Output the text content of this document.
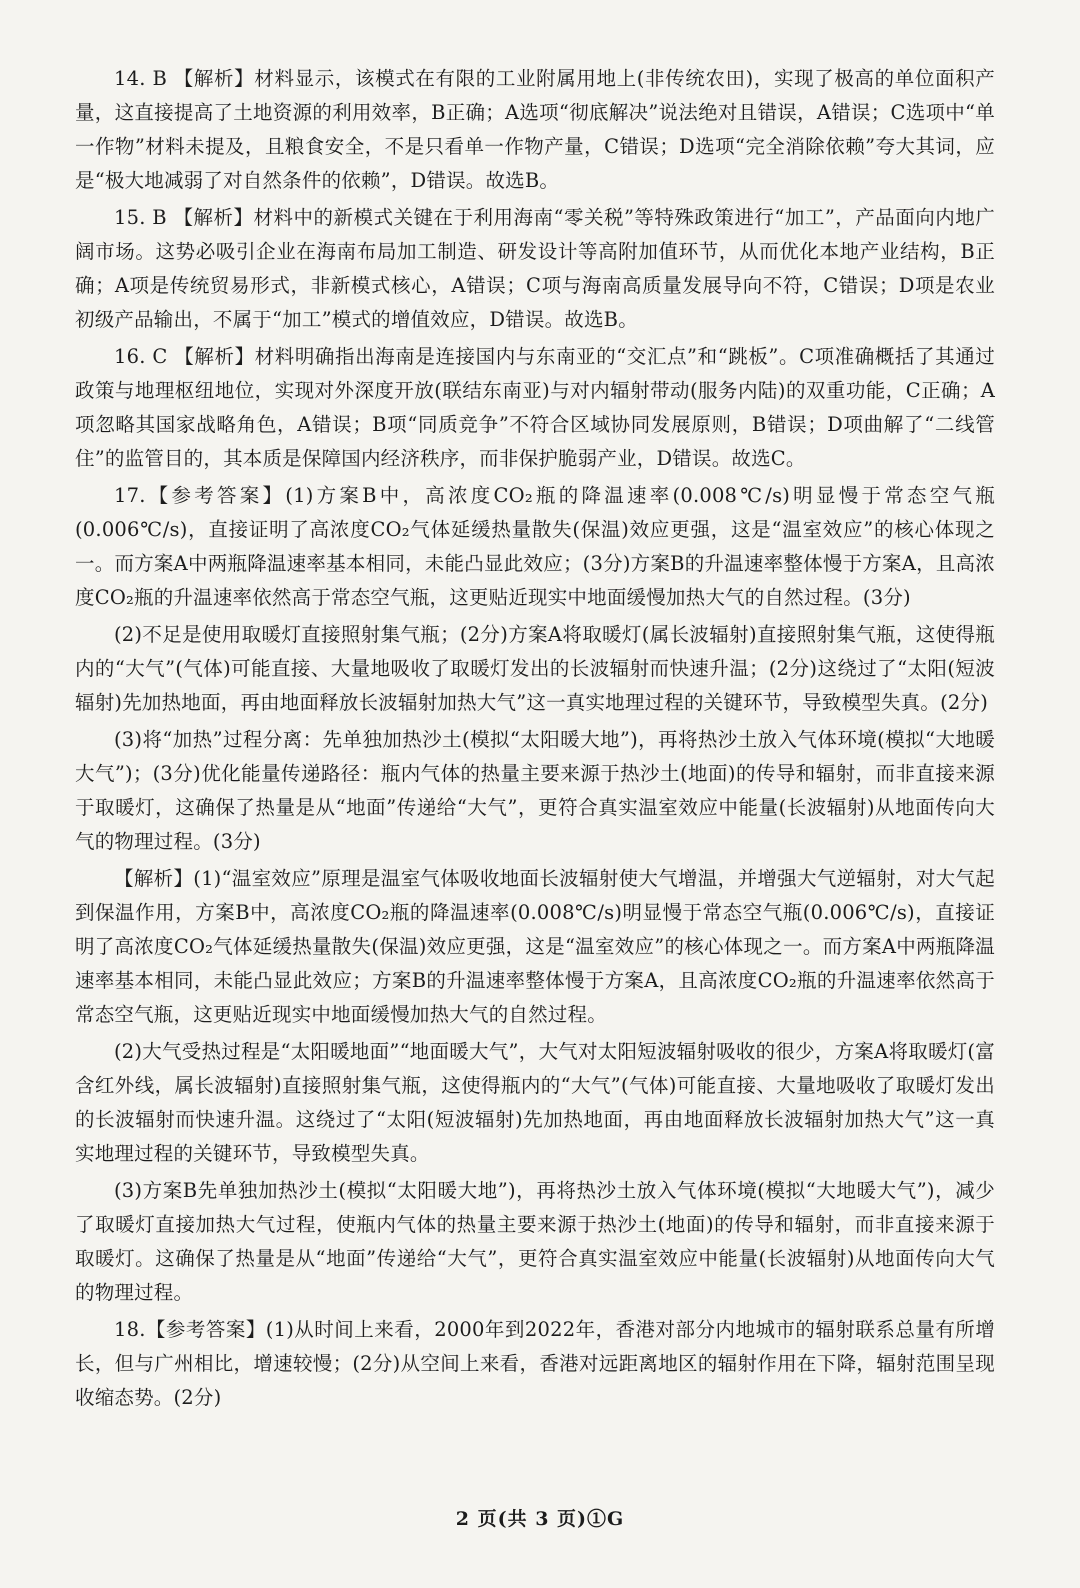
14. B 【解析】材料显示，该模式在有限的工业附属用地上(非传统农田)，实现了极高的单位面积产量，这直接提高了土地资源的利用效率，B正确；A选项“彻底解决”说法绝对且错误，A错误；C选项中“单一作物”材料未提及，且粮食安全，不是只看单一作物产量，C错误；D选项“完全消除依赖”夸大其词，应是“极大地减弱了对自然条件的依赖”，D错误。故选B。

15. B 【解析】材料中的新模式关键在于利用海南“零关税”等特殊政策进行“加工”，产品面向内地广阔市场。这势必吸引企业在海南布局加工制造、研发设计等高附加值环节，从而优化本地产业结构，B正确；A项是传统贸易形式，非新模式核心，A错误；C项与海南高质量发展导向不符，C错误；D项是农业初级产品输出，不属于“加工”模式的增值效应，D错误。故选B。

16. C 【解析】材料明确指出海南是连接国内与东南亚的“交汇点”和“跳板”。C项准确概括了其通过政策与地理枢纽地位，实现对外深度开放(联结东南亚)与对内辐射带动(服务内陆)的双重功能，C正确；A项忽略其国家战略角色，A错误；B项“同质竞争”不符合区域协同发展原则，B错误；D项曲解了“二线管住”的监管目的，其本质是保障国内经济秩序，而非保护脆弱产业，D错误。故选C。

17.【参考答案】(1)方案B中，高浓度CO₂瓶的降温速率(0.008℃/s)明显慢于常态空气瓶(0.006℃/s)，直接证明了高浓度CO₂气体延缓热量散失(保温)效应更强，这是“温室效应”的核心体现之一。而方案A中两瓶降温速率基本相同，未能凸显此效应；(3分)方案B的升温速率整体慢于方案A，且高浓度CO₂瓶的升温速率依然高于常态空气瓶，这更贴近现实中地面缓慢加热大气的自然过程。(3分)

(2)不足是使用取暖灯直接照射集气瓶；(2分)方案A将取暖灯(属长波辐射)直接照射集气瓶，这使得瓶内的“大气”(气体)可能直接、大量地吸收了取暖灯发出的长波辐射而快速升温；(2分)这绕过了“太阳(短波辐射)先加热地面，再由地面释放长波辐射加热大气”这一真实地理过程的关键环节，导致模型失真。(2分)

(3)将“加热”过程分离：先单独加热沙土(模拟“太阳暖大地”)，再将热沙土放入气体环境(模拟“大地暖大气”)；(3分)优化能量传递路径：瓶内气体的热量主要来源于热沙土(地面)的传导和辐射，而非直接来源于取暖灯，这确保了热量是从“地面”传递给“大气”，更符合真实温室效应中能量(长波辐射)从地面传向大气的物理过程。(3分)

【解析】(1)“温室效应”原理是温室气体吸收地面长波辐射使大气增温，并增强大气逆辐射，对大气起到保温作用，方案B中，高浓度CO₂瓶的降温速率(0.008℃/s)明显慢于常态空气瓶(0.006℃/s)，直接证明了高浓度CO₂气体延缓热量散失(保温)效应更强，这是“温室效应”的核心体现之一。而方案A中两瓶降温速率基本相同，未能凸显此效应；方案B的升温速率整体慢于方案A，且高浓度CO₂瓶的升温速率依然高于常态空气瓶，这更贴近现实中地面缓慢加热大气的自然过程。

(2)大气受热过程是“太阳暖地面”“地面暖大气”，大气对太阳短波辐射吸收的很少，方案A将取暖灯(富含红外线，属长波辐射)直接照射集气瓶，这使得瓶内的“大气”(气体)可能直接、大量地吸收了取暖灯发出的长波辐射而快速升温。这绕过了“太阳(短波辐射)先加热地面，再由地面释放长波辐射加热大气”这一真实地理过程的关键环节，导致模型失真。

(3)方案B先单独加热沙土(模拟“太阳暖大地”)，再将热沙土放入气体环境(模拟“大地暖大气”)，减少了取暖灯直接加热大气过程，使瓶内气体的热量主要来源于热沙土(地面)的传导和辐射，而非直接来源于取暖灯。这确保了热量是从“地面”传递给“大气”，更符合真实温室效应中能量(长波辐射)从地面传向大气的物理过程。

18.【参考答案】(1)从时间上来看，2000年到2022年，香港对部分内地城市的辐射联系总量有所增长，但与广州相比，增速较慢；(2分)从空间上来看，香港对远距离地区的辐射作用在下降，辐射范围呈现收缩态势。(2分)

2 页(共 3 页)①G
